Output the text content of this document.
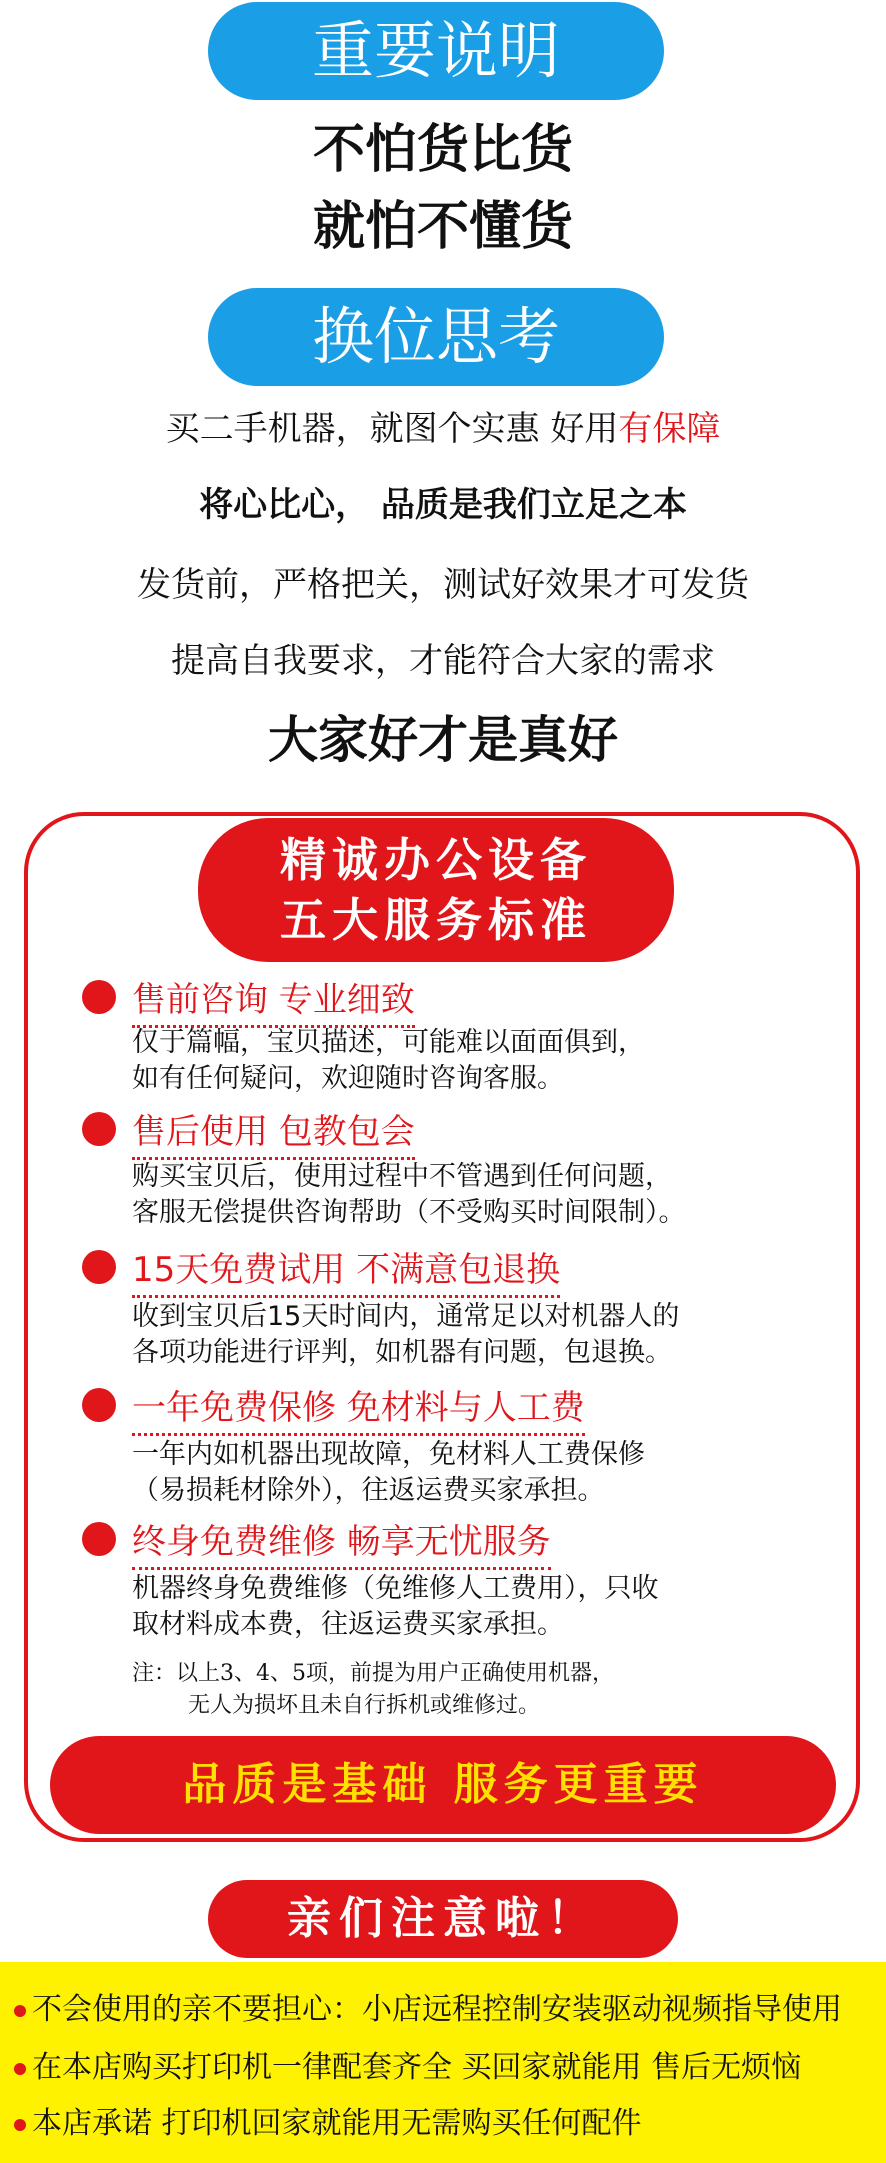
重要说明
不怕货比货
就怕不懂货
换位思考
买二手机器，就图个实惠 好用有保障
将心比心， 品质是我们立足之本
发货前，严格把关，测试好效果才可发货
提高自我要求，才能符合大家的需求
大家好才是真好
精诚办公设备
五大服务标准
售前咨询 专业细致
仅于篇幅，宝贝描述，可能难以面面俱到，
如有任何疑问，欢迎随时咨询客服。
售后使用 包教包会
购买宝贝后，使用过程中不管遇到任何问题，
客服无偿提供咨询帮助（不受购买时间限制）。
15天免费试用 不满意包退换
收到宝贝后15天时间内，通常足以对机器人的
各项功能进行评判，如机器有问题，包退换。
一年免费保修 免材料与人工费
一年内如机器出现故障，免材料人工费保修
（易损耗材除外），往返运费买家承担。
终身免费维修 畅享无忧服务
机器终身免费维修（免维修人工费用），只收
取材料成本费，往返运费买家承担。
注：以上3、4、5项，前提为用户正确使用机器，
无人为损坏且未自行拆机或维修过。
品质是基础 服务更重要
亲们注意啦！
不会使用的亲不要担心：小店远程控制安装驱动视频指导使用
在本店购买打印机一律配套齐全 买回家就能用 售后无烦恼
本店承诺 打印机回家就能用无需购买任何配件
